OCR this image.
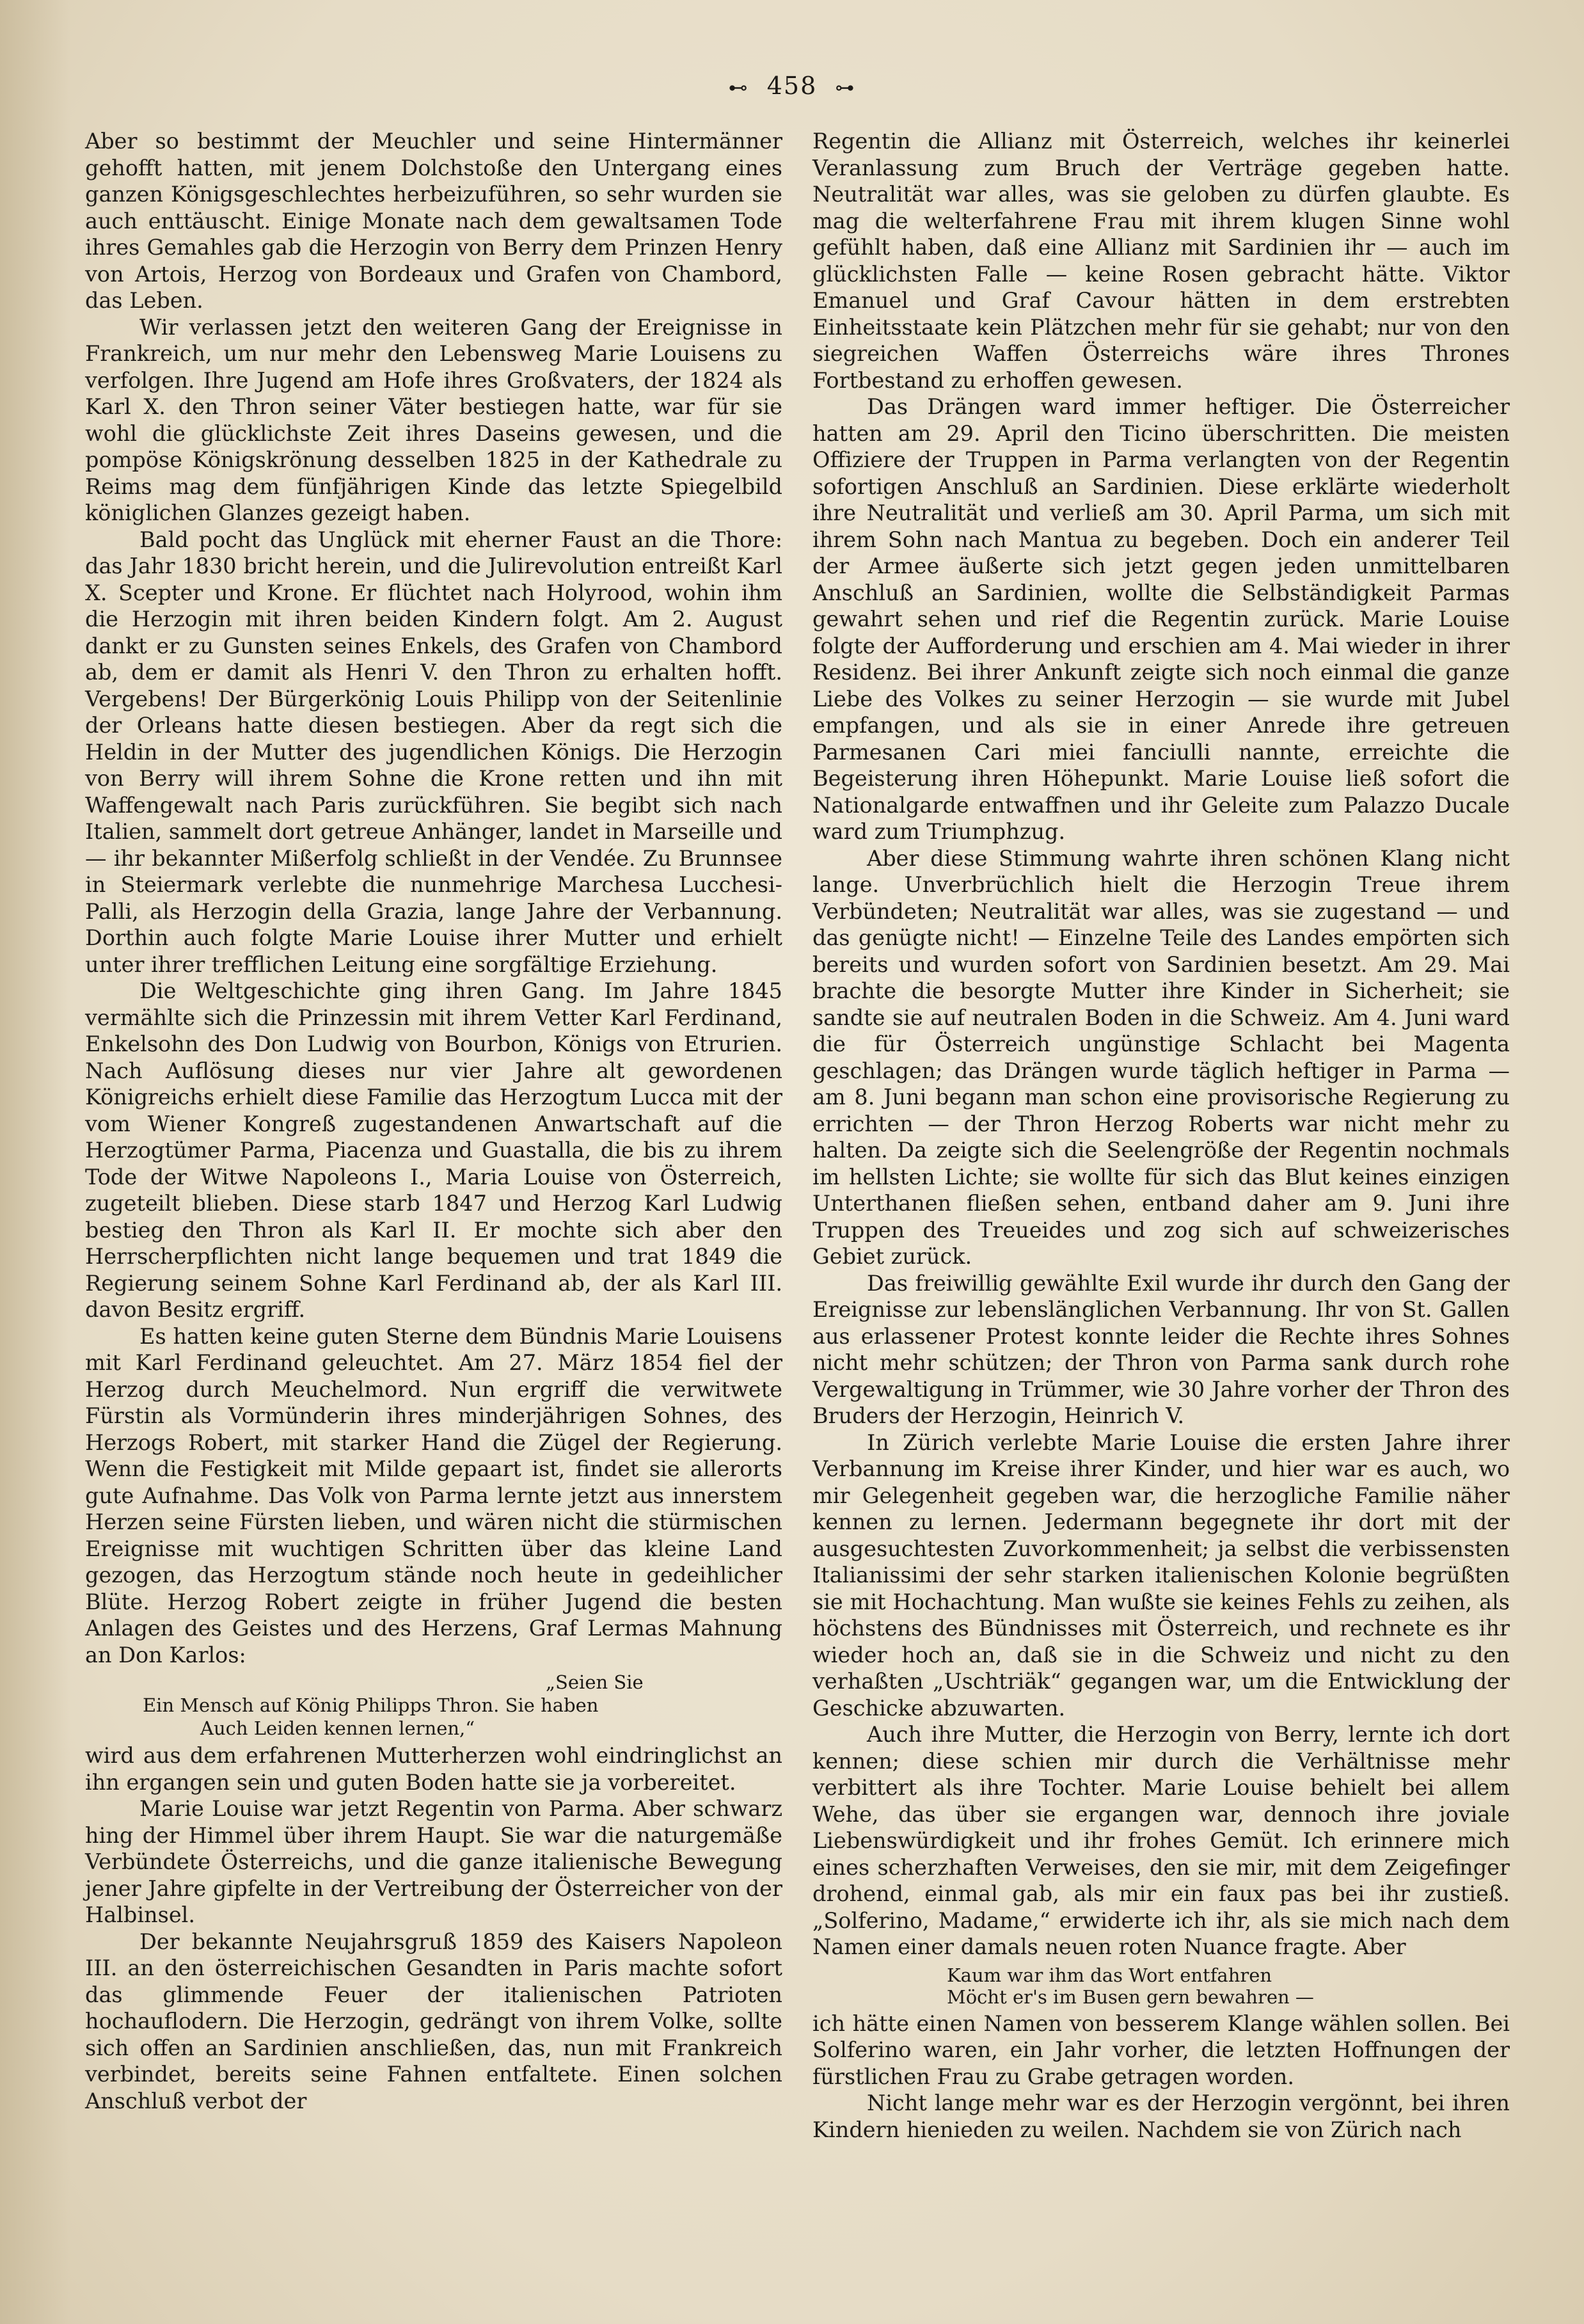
⊷ 458 ⊶

Aber so bestimmt der Meuchler und seine Hintermänner gehofft hatten, mit jenem Dolchstoße den Untergang eines ganzen Königsgeschlechtes herbeizuführen, so sehr wurden sie auch enttäuscht. Einige Monate nach dem gewaltsamen Tode ihres Gemahles gab die Herzogin von Berry dem Prinzen Henry von Artois, Herzog von Bordeaux und Grafen von Chambord, das Leben.

Wir verlassen jetzt den weiteren Gang der Ereignisse in Frankreich, um nur mehr den Lebensweg Marie Louisens zu verfolgen. Ihre Jugend am Hofe ihres Großvaters, der 1824 als Karl X. den Thron seiner Väter bestiegen hatte, war für sie wohl die glücklichste Zeit ihres Daseins gewesen, und die pompöse Königskrönung desselben 1825 in der Kathedrale zu Reims mag dem fünfjährigen Kinde das letzte Spiegelbild königlichen Glanzes gezeigt haben.

Bald pocht das Unglück mit eherner Faust an die Thore: das Jahr 1830 bricht herein, und die Julirevolution entreißt Karl X. Scepter und Krone. Er flüchtet nach Holyrood, wohin ihm die Herzogin mit ihren beiden Kindern folgt. Am 2. August dankt er zu Gunsten seines Enkels, des Grafen von Chambord ab, dem er damit als Henri V. den Thron zu erhalten hofft. Vergebens! Der Bürgerkönig Louis Philipp von der Seitenlinie der Orleans hatte diesen bestiegen. Aber da regt sich die Heldin in der Mutter des jugendlichen Königs. Die Herzogin von Berry will ihrem Sohne die Krone retten und ihn mit Waffengewalt nach Paris zurückführen. Sie begibt sich nach Italien, sammelt dort getreue Anhänger, landet in Marseille und — ihr bekannter Mißerfolg schließt in der Vendée. Zu Brunnsee in Steiermark verlebte die nunmehrige Marchesa Lucchesi-Palli, als Herzogin della Grazia, lange Jahre der Verbannung. Dorthin auch folgte Marie Louise ihrer Mutter und erhielt unter ihrer trefflichen Leitung eine sorgfältige Erziehung.

Die Weltgeschichte ging ihren Gang. Im Jahre 1845 vermählte sich die Prinzessin mit ihrem Vetter Karl Ferdinand, Enkelsohn des Don Ludwig von Bourbon, Königs von Etrurien. Nach Auflösung dieses nur vier Jahre alt gewordenen Königreichs erhielt diese Familie das Herzogtum Lucca mit der vom Wiener Kongreß zugestandenen Anwartschaft auf die Herzogtümer Parma, Piacenza und Guastalla, die bis zu ihrem Tode der Witwe Napoleons I., Maria Louise von Österreich, zugeteilt blieben. Diese starb 1847 und Herzog Karl Ludwig bestieg den Thron als Karl II. Er mochte sich aber den Herrscherpflichten nicht lange bequemen und trat 1849 die Regierung seinem Sohne Karl Ferdinand ab, der als Karl III. davon Besitz ergriff.

Es hatten keine guten Sterne dem Bündnis Marie Louisens mit Karl Ferdinand geleuchtet. Am 27. März 1854 fiel der Herzog durch Meuchelmord. Nun ergriff die verwitwete Fürstin als Vormünderin ihres minderjährigen Sohnes, des Herzogs Robert, mit starker Hand die Zügel der Regierung. Wenn die Festigkeit mit Milde gepaart ist, findet sie allerorts gute Aufnahme. Das Volk von Parma lernte jetzt aus innerstem Herzen seine Fürsten lieben, und wären nicht die stürmischen Ereignisse mit wuchtigen Schritten über das kleine Land gezogen, das Herzogtum stände noch heute in gedeihlicher Blüte. Herzog Robert zeigte in früher Jugend die besten Anlagen des Geistes und des Herzens, Graf Lermas Mahnung an Don Karlos:

„Seien Sie
Ein Mensch auf König Philipps Thron. Sie haben
Auch Leiden kennen lernen,“

wird aus dem erfahrenen Mutterherzen wohl eindringlichst an ihn ergangen sein und guten Boden hatte sie ja vorbereitet.

Marie Louise war jetzt Regentin von Parma. Aber schwarz hing der Himmel über ihrem Haupt. Sie war die naturgemäße Verbündete Österreichs, und die ganze italienische Bewegung jener Jahre gipfelte in der Vertreibung der Österreicher von der Halbinsel.

Der bekannte Neujahrsgruß 1859 des Kaisers Napoleon III. an den österreichischen Gesandten in Paris machte sofort das glimmende Feuer der italienischen Patrioten hochauflodern. Die Herzogin, gedrängt von ihrem Volke, sollte sich offen an Sardinien anschließen, das, nun mit Frankreich verbindet, bereits seine Fahnen entfaltete. Einen solchen Anschluß verbot der

Regentin die Allianz mit Österreich, welches ihr keinerlei Veranlassung zum Bruch der Verträge gegeben hatte. Neutralität war alles, was sie geloben zu dürfen glaubte. Es mag die welterfahrene Frau mit ihrem klugen Sinne wohl gefühlt haben, daß eine Allianz mit Sardinien ihr — auch im glücklichsten Falle — keine Rosen gebracht hätte. Viktor Emanuel und Graf Cavour hätten in dem erstrebten Einheitsstaate kein Plätzchen mehr für sie gehabt; nur von den siegreichen Waffen Österreichs wäre ihres Thrones Fortbestand zu erhoffen gewesen.

Das Drängen ward immer heftiger. Die Österreicher hatten am 29. April den Ticino überschritten. Die meisten Offiziere der Truppen in Parma verlangten von der Regentin sofortigen Anschluß an Sardinien. Diese erklärte wiederholt ihre Neutralität und verließ am 30. April Parma, um sich mit ihrem Sohn nach Mantua zu begeben. Doch ein anderer Teil der Armee äußerte sich jetzt gegen jeden unmittelbaren Anschluß an Sardinien, wollte die Selbständigkeit Parmas gewahrt sehen und rief die Regentin zurück. Marie Louise folgte der Aufforderung und erschien am 4. Mai wieder in ihrer Residenz. Bei ihrer Ankunft zeigte sich noch einmal die ganze Liebe des Volkes zu seiner Herzogin — sie wurde mit Jubel empfangen, und als sie in einer Anrede ihre getreuen Parmesanen Cari miei fanciulli nannte, erreichte die Begeisterung ihren Höhepunkt. Marie Louise ließ sofort die Nationalgarde entwaffnen und ihr Geleite zum Palazzo Ducale ward zum Triumphzug.

Aber diese Stimmung wahrte ihren schönen Klang nicht lange. Unverbrüchlich hielt die Herzogin Treue ihrem Verbündeten; Neutralität war alles, was sie zugestand — und das genügte nicht! — Einzelne Teile des Landes empörten sich bereits und wurden sofort von Sardinien besetzt. Am 29. Mai brachte die besorgte Mutter ihre Kinder in Sicherheit; sie sandte sie auf neutralen Boden in die Schweiz. Am 4. Juni ward die für Österreich ungünstige Schlacht bei Magenta geschlagen; das Drängen wurde täglich heftiger in Parma — am 8. Juni begann man schon eine provisorische Regierung zu errichten — der Thron Herzog Roberts war nicht mehr zu halten. Da zeigte sich die Seelengröße der Regentin nochmals im hellsten Lichte; sie wollte für sich das Blut keines einzigen Unterthanen fließen sehen, entband daher am 9. Juni ihre Truppen des Treueides und zog sich auf schweizerisches Gebiet zurück.

Das freiwillig gewählte Exil wurde ihr durch den Gang der Ereignisse zur lebenslänglichen Verbannung. Ihr von St. Gallen aus erlassener Protest konnte leider die Rechte ihres Sohnes nicht mehr schützen; der Thron von Parma sank durch rohe Vergewaltigung in Trümmer, wie 30 Jahre vorher der Thron des Bruders der Herzogin, Heinrich V.

In Zürich verlebte Marie Louise die ersten Jahre ihrer Verbannung im Kreise ihrer Kinder, und hier war es auch, wo mir Gelegenheit gegeben war, die herzogliche Familie näher kennen zu lernen. Jedermann begegnete ihr dort mit der ausgesuchtesten Zuvorkommenheit; ja selbst die verbissensten Italianissimi der sehr starken italienischen Kolonie begrüßten sie mit Hochachtung. Man wußte sie keines Fehls zu zeihen, als höchstens des Bündnisses mit Österreich, und rechnete es ihr wieder hoch an, daß sie in die Schweiz und nicht zu den verhaßten „Uschtriäk“ gegangen war, um die Entwicklung der Geschicke abzuwarten.

Auch ihre Mutter, die Herzogin von Berry, lernte ich dort kennen; diese schien mir durch die Verhältnisse mehr verbittert als ihre Tochter. Marie Louise behielt bei allem Wehe, das über sie ergangen war, dennoch ihre joviale Liebenswürdigkeit und ihr frohes Gemüt. Ich erinnere mich eines scherzhaften Verweises, den sie mir, mit dem Zeigefinger drohend, einmal gab, als mir ein faux pas bei ihr zustieß. „Solferino, Madame,“ erwiderte ich ihr, als sie mich nach dem Namen einer damals neuen roten Nuance fragte. Aber

Kaum war ihm das Wort entfahren
Möcht er's im Busen gern bewahren —

ich hätte einen Namen von besserem Klange wählen sollen. Bei Solferino waren, ein Jahr vorher, die letzten Hoffnungen der fürstlichen Frau zu Grabe getragen worden.

Nicht lange mehr war es der Herzogin vergönnt, bei ihren Kindern hienieden zu weilen. Nachdem sie von Zürich nach
